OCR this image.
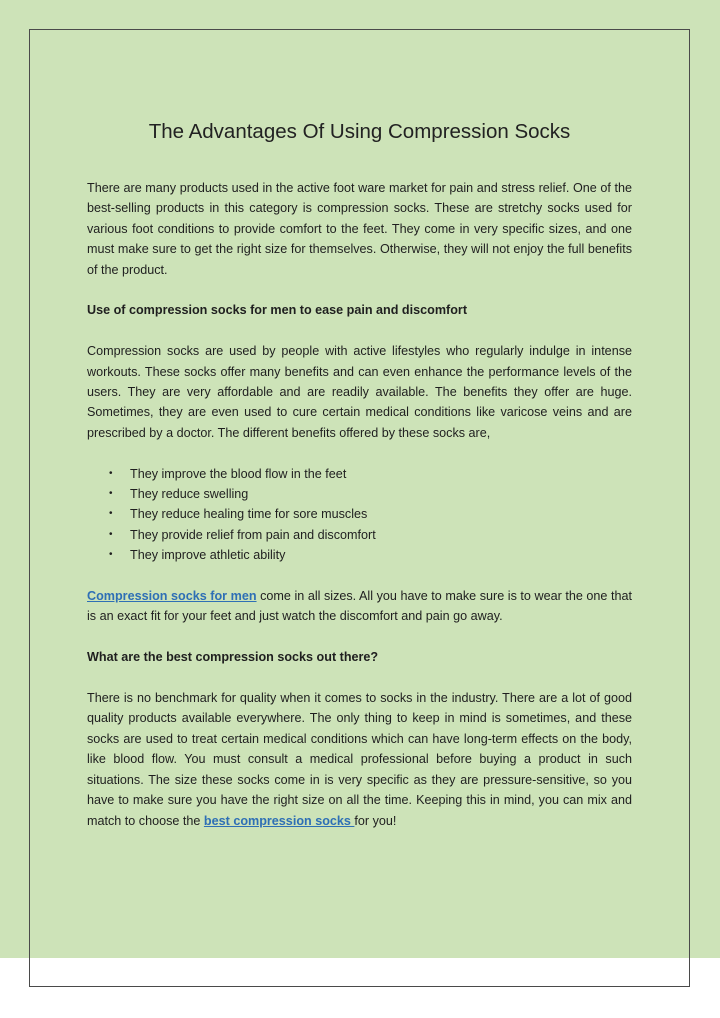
The Advantages Of Using Compression Socks

There are many products used in the active foot ware market for pain and stress relief. One of the best-selling products in this category is compression socks. These are stretchy socks used for various foot conditions to provide comfort to the feet. They come in very specific sizes, and one must make sure to get the right size for themselves. Otherwise, they will not enjoy the full benefits of the product.

Use of compression socks for men to ease pain and discomfort

Compression socks are used by people with active lifestyles who regularly indulge in intense workouts. These socks offer many benefits and can even enhance the performance levels of the users. They are very affordable and are readily available. The benefits they offer are huge. Sometimes, they are even used to cure certain medical conditions like varicose veins and are prescribed by a doctor. The different benefits offered by these socks are,

• They improve the blood flow in the feet
• They reduce swelling
• They reduce healing time for sore muscles
• They provide relief from pain and discomfort
• They improve athletic ability

Compression socks for men come in all sizes. All you have to make sure is to wear the one that is an exact fit for your feet and just watch the discomfort and pain go away.

What are the best compression socks out there?

There is no benchmark for quality when it comes to socks in the industry. There are a lot of good quality products available everywhere. The only thing to keep in mind is sometimes, and these socks are used to treat certain medical conditions which can have long-term effects on the body, like blood flow. You must consult a medical professional before buying a product in such situations. The size these socks come in is very specific as they are pressure-sensitive, so you have to make sure you have the right size on all the time. Keeping this in mind, you can mix and match to choose the best compression socks for you!
